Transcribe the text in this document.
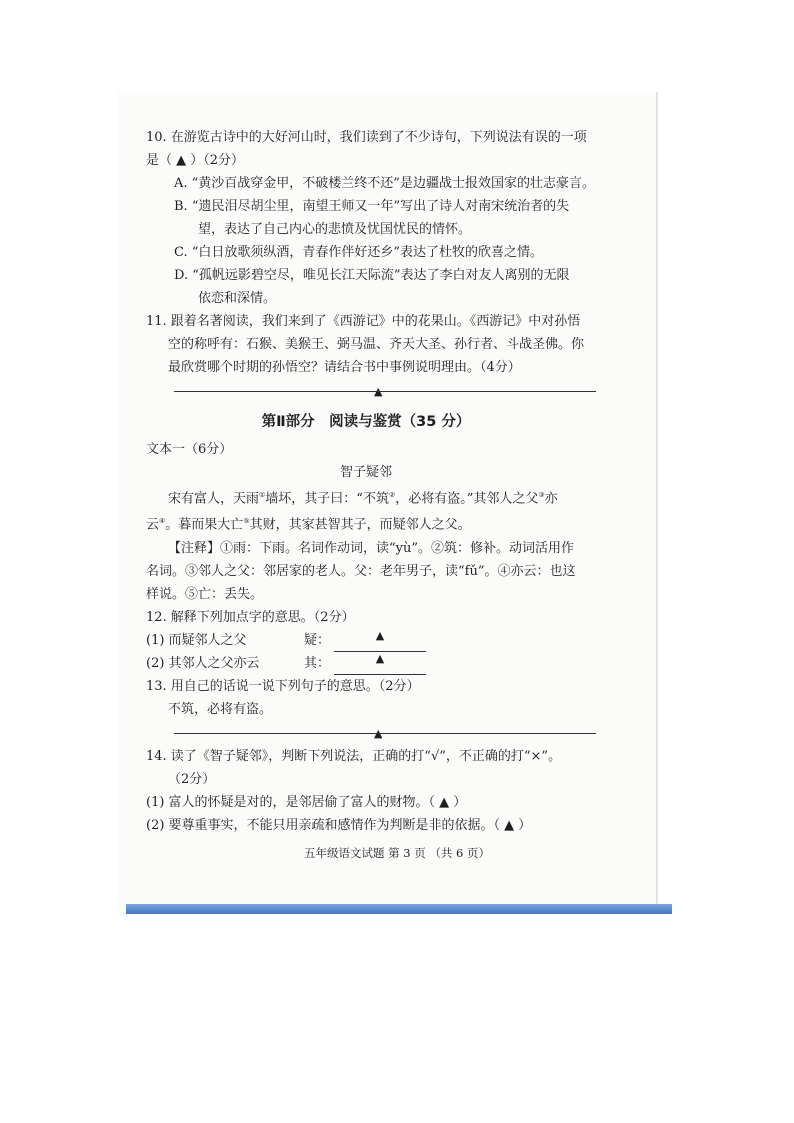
10. 在游览古诗中的大好河山时，我们读到了不少诗句，下列说法有误的一项
是（ ▲ ）（2分）
A. “黄沙百战穿金甲，不破楼兰终不还”是边疆战士报效国家的壮志豪言。
B. “遗民泪尽胡尘里，南望王师又一年”写出了诗人对南宋统治者的失
望，表达了自己内心的悲愤及忧国忧民的情怀。
C. “白日放歌须纵酒，青春作伴好还乡”表达了杜牧的欣喜之情。
D. “孤帆远影碧空尽，唯见长江天际流”表达了李白对友人离别的无限
依恋和深情。
11. 跟着名著阅读，我们来到了《西游记》中的花果山。《西游记》中对孙悟
空的称呼有：石猴、美猴王、弼马温、齐天大圣、孙行者、斗战圣佛。你
最欣赏哪个时期的孙悟空？请结合书中事例说明理由。（4分）
▲
第Ⅱ部分　阅读与鉴赏（35 分）
文本一（6分）
智子疑邻
宋有富人，天雨①墙坏，其子曰：“不筑②，必将有盗。”其邻人之父③亦
云④。暮而果大亡⑤其财，其家甚智其子，而疑邻人之父。
【注释】①雨：下雨。名词作动词，读“yù”。②筑：修补。动词活用作
名词。③邻人之父：邻居家的老人。父：老年男子，读“fǔ”。④亦云：也这
样说。⑤亡：丢失。
12. 解释下列加点字的意思。（2分）
(1) 而疑邻人之父	疑：	▲
(2) 其邻人之父亦云	其：	▲
13. 用自己的话说一说下列句子的意思。（2分）
不筑，必将有盗。
▲
14. 读了《智子疑邻》，判断下列说法，正确的打“√”，不正确的打“×”。
（2分）
(1) 富人的怀疑是对的，是邻居偷了富人的财物。（ ▲ ）
(2) 要尊重事实，不能只用亲疏和感情作为判断是非的依据。（ ▲ ）
五年级语文试题 第 3 页 （共 6 页）
